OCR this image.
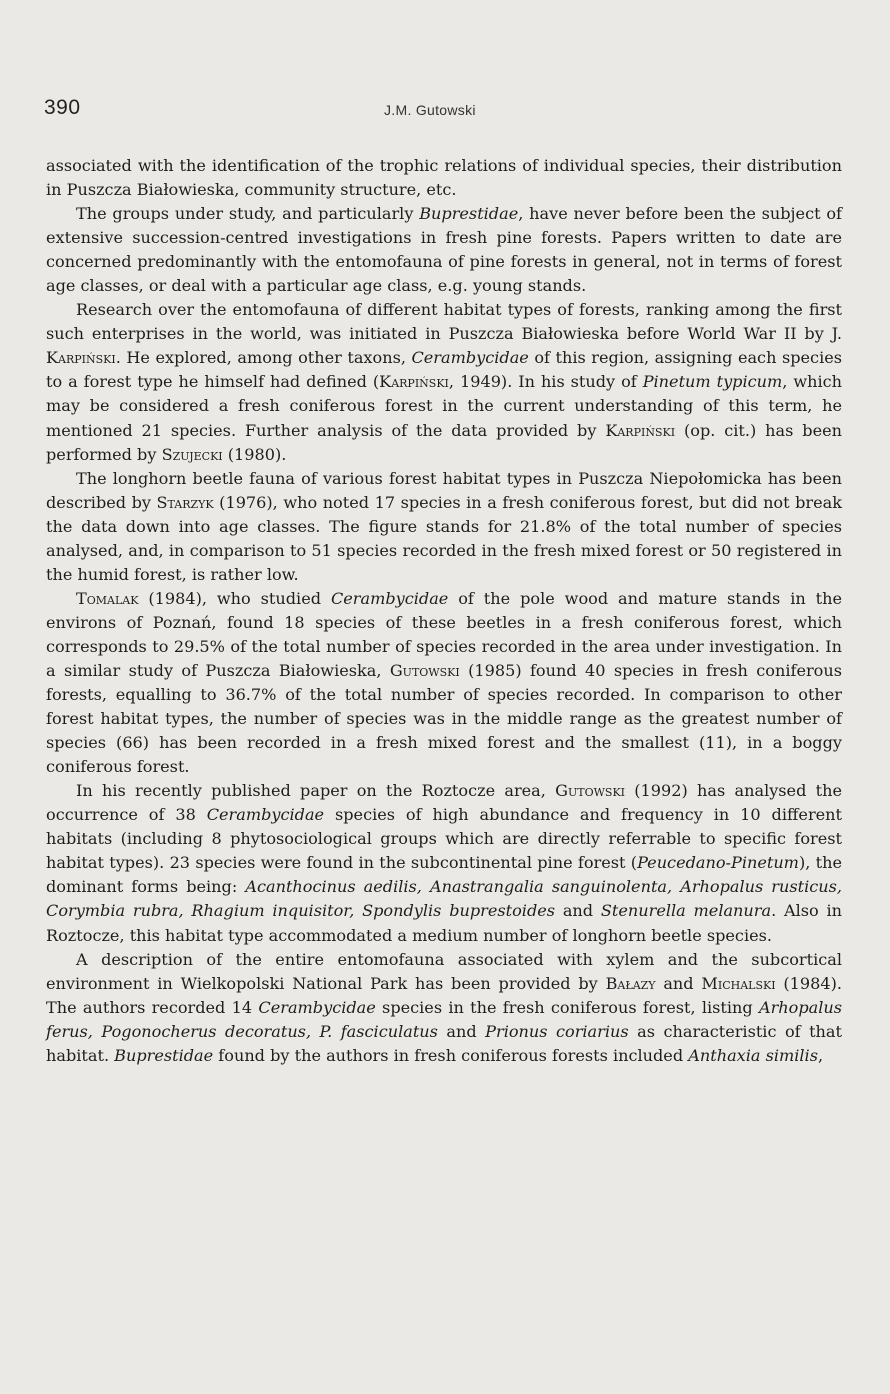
390	J.M. Gutowski

associated with the identification of the trophic relations of individual species, their distribution in Puszcza Białowieska, community structure, etc.

The groups under study, and particularly Buprestidae, have never before been the subject of extensive succession-centred investigations in fresh pine forests. Papers written to date are concerned predominantly with the entomofauna of pine forests in general, not in terms of forest age classes, or deal with a particular age class, e.g. young stands.

Research over the entomofauna of different habitat types of forests, ranking among the first such enterprises in the world, was initiated in Puszcza Białowieska before World War II by J. Karpiński. He explored, among other taxons, Cerambycidae of this region, assigning each species to a forest type he himself had defined (Karpiński, 1949). In his study of Pinetum typicum, which may be considered a fresh coniferous forest in the current understanding of this term, he mentioned 21 species. Further analysis of the data provided by Karpiński (op. cit.) has been performed by Szujecki (1980).

The longhorn beetle fauna of various forest habitat types in Puszcza Niepołomicka has been described by Starzyk (1976), who noted 17 species in a fresh coniferous forest, but did not break the data down into age classes. The figure stands for 21.8% of the total number of species analysed, and, in comparison to 51 species recorded in the fresh mixed forest or 50 registered in the humid forest, is rather low.

Tomalak (1984), who studied Cerambycidae of the pole wood and mature stands in the environs of Poznań, found 18 species of these beetles in a fresh coniferous forest, which corresponds to 29.5% of the total number of species recorded in the area under investigation. In a similar study of Puszcza Białowieska, Gutowski (1985) found 40 species in fresh coniferous forests, equalling to 36.7% of the total number of species recorded. In comparison to other forest habitat types, the number of species was in the middle range as the greatest number of species (66) has been recorded in a fresh mixed forest and the smallest (11), in a boggy coniferous forest.

In his recently published paper on the Roztocze area, Gutowski (1992) has analysed the occurrence of 38 Cerambycidae species of high abundance and frequency in 10 different habitats (including 8 phytosociological groups which are directly referrable to specific forest habitat types). 23 species were found in the subcontinental pine forest (Peucedano-Pinetum), the dominant forms being: Acanthocinus aedilis, Anastrangalia sanguinolenta, Arhopalus rusticus, Corymbia rubra, Rhagium inquisitor, Spondylis buprestoides and Stenurella melanura. Also in Roztocze, this habitat type accommodated a medium number of longhorn beetle species.

A description of the entire entomofauna associated with xylem and the subcortical environment in Wielkopolski National Park has been provided by Bałazy and Michalski (1984). The authors recorded 14 Cerambycidae species in the fresh coniferous forest, listing Arhopalus ferus, Pogonocherus decoratus, P. fasciculatus and Prionus coriarius as characteristic of that habitat. Buprestidae found by the authors in fresh coniferous forests included Anthaxia similis,
